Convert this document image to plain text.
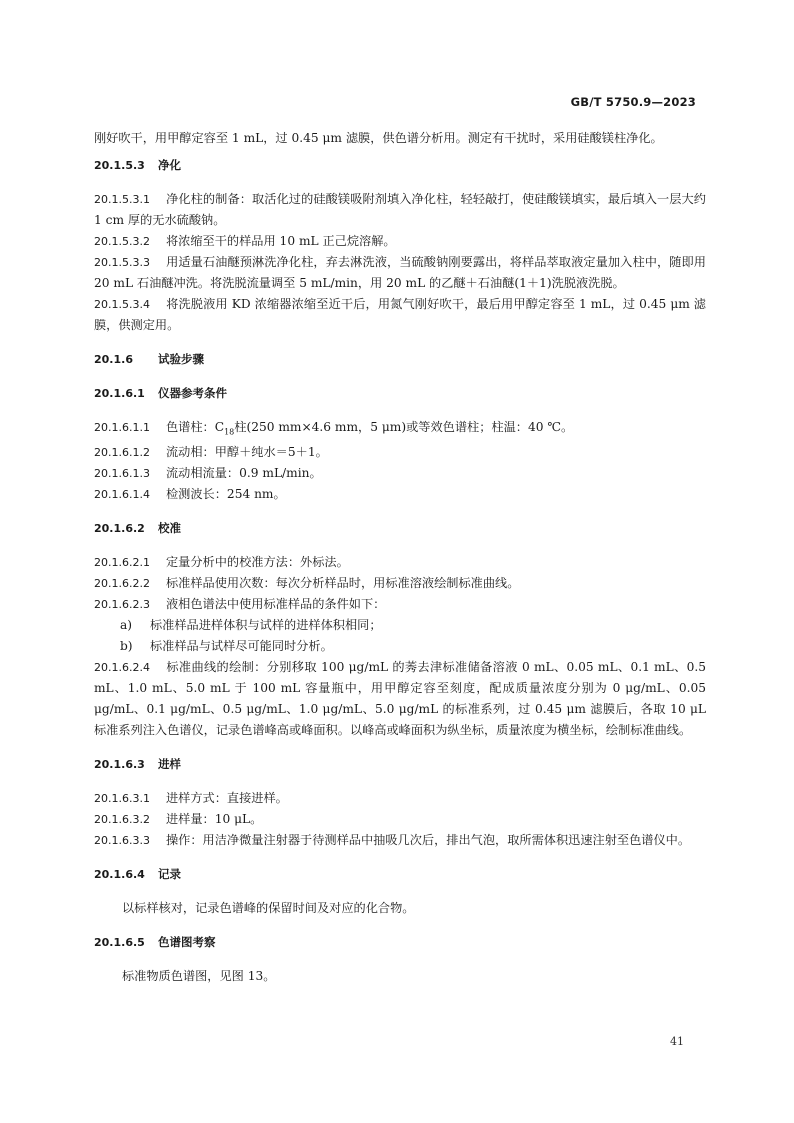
GB/T 5750.9—2023

刚好吹干，用甲醇定容至 1 mL，过 0.45 μm 滤膜，供色谱分析用。测定有干扰时，采用硅酸镁柱净化。

20.1.5.3 净化

20.1.5.3.1 净化柱的制备：取活化过的硅酸镁吸附剂填入净化柱，轻轻敲打，使硅酸镁填实，最后填入一层大约 1 cm 厚的无水硫酸钠。

20.1.5.3.2 将浓缩至干的样品用 10 mL 正己烷溶解。

20.1.5.3.3 用适量石油醚预淋洗净化柱，弃去淋洗液，当硫酸钠刚要露出，将样品萃取液定量加入柱中，随即用 20 mL 石油醚冲洗。将洗脱流量调至 5 mL/min，用 20 mL 的乙醚＋石油醚(1＋1)洗脱液洗脱。

20.1.5.3.4 将洗脱液用 KD 浓缩器浓缩至近干后，用氮气刚好吹干，最后用甲醇定容至 1 mL，过 0.45 μm 滤膜，供测定用。

20.1.6 试验步骤
20.1.6.1 仪器参考条件

20.1.6.1.1 色谱柱：$C_{18}$柱(250 mm×4.6 mm，5 μm)或等效色谱柱；柱温：40 ℃。

20.1.6.1.2 流动相：甲醇＋纯水＝5＋1。

20.1.6.1.3 流动相流量：0.9 mL/min。

20.1.6.1.4 检测波长：254 nm。

20.1.6.2 校准

20.1.6.2.1 定量分析中的校准方法：外标法。

20.1.6.2.2 标准样品使用次数：每次分析样品时，用标准溶液绘制标准曲线。

20.1.6.2.3 液相色谱法中使用标准样品的条件如下：

a) 标准样品进样体积与试样的进样体积相同；

b) 标准样品与试样尽可能同时分析。

20.1.6.2.4 标准曲线的绘制：分别移取 100 μg/mL 的莠去津标准储备溶液 0 mL、0.05 mL、0.1 mL、0.5 mL、1.0 mL、5.0 mL 于 100 mL 容量瓶中，用甲醇定容至刻度，配成质量浓度分别为 0 μg/mL、0.05 μg/mL、0.1 μg/mL、0.5 μg/mL、1.0 μg/mL、5.0 μg/mL 的标准系列，过 0.45 μm 滤膜后，各取 10 μL 标准系列注入色谱仪，记录色谱峰高或峰面积。以峰高或峰面积为纵坐标，质量浓度为横坐标，绘制标准曲线。

20.1.6.3 进样

20.1.6.3.1 进样方式：直接进样。

20.1.6.3.2 进样量：10 μL。

20.1.6.3.3 操作：用洁净微量注射器于待测样品中抽吸几次后，排出气泡，取所需体积迅速注射至色谱仪中。

20.1.6.4 记录

以标样核对，记录色谱峰的保留时间及对应的化合物。

20.1.6.5 色谱图考察

标准物质色谱图，见图 13。

41
